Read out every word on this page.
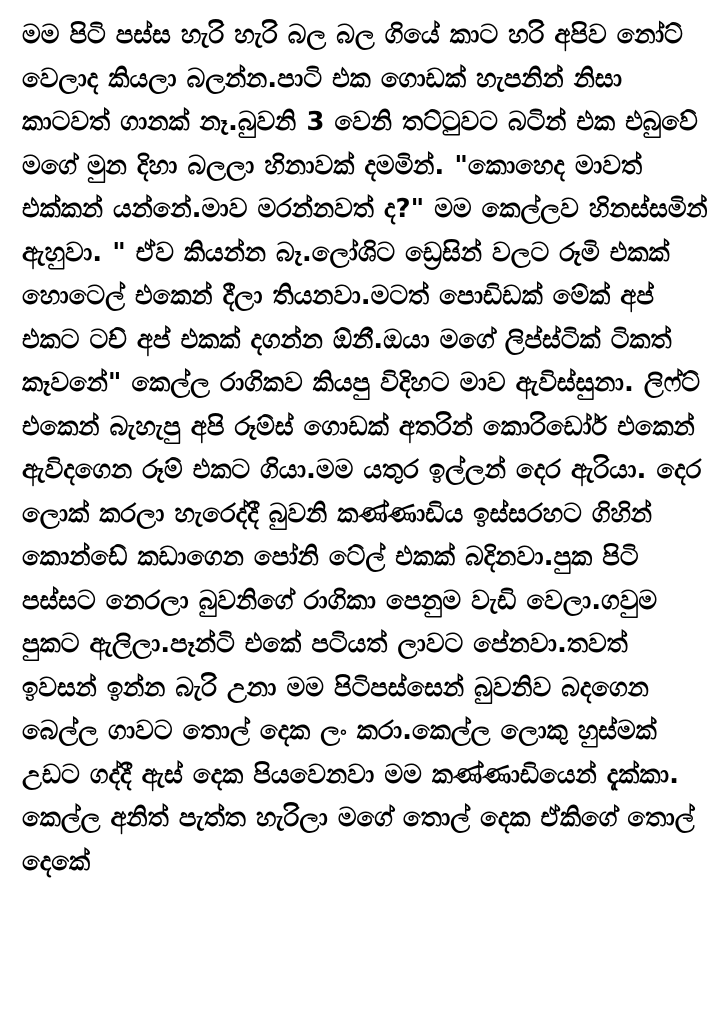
මම පිටි පස්ස හැරි හැරි බල බල ගියේ කාට හරි අපිව නෝට් වෙලාද කියලා බලන්න.පාටි එක ගොඩක් හැපනින් නිසා කාටවත් ගානක් නෑ.බුවනි 3 වෙනි තට්ටුවට බටින් එක එබුවේ මගේ මුන දිහා බලලා හිනාවක් දමමින්. "කොහෙද මාවත් එක්කන් යන්නේ.මාව මරන්නවත් ද?" මම කෙල්ලව හිනස්සමින් ඇහුවා. " ඒව කියන්න බෑ.ලෝශිට ඩ්‍රෙසින් වලට රූමි එකක් හොටෙල් එකෙන් දීලා තියනවා.මටත් පොඩිඩක් මේක් අප් එකට ටච් අප් එකක් දගන්න ඕනී.ඔයා මගේ ලිප්ස්ටික් ටිකත් කෑවනේ" කෙල්ල රාගිකව කියපු විදිහට මාව ඇවිස්සුනා. ලිෆ්ට් එකෙන් බැහැපු අපි රූම්ස් ගොඩක් අතරින් කොරිඩෝර් එකෙන් ඇවිදගෙන රූම් එකට ගියා.මම යතුර ඉල්ලන් දෙර ඇරියා. දෙර ලොක් කරලා හැරෙද්දී බුවනි කණ්ණාඩිය ඉස්සරහට ගිහින් කොන්ඩේ කඩාගෙන පෝනි ටේල් එකක් බදිනවා.පුක පිටි පස්සට නෙරලා බුවනිගේ රාගිකා පෙනුම වැඩි වෙලා.ගවුම පුකට ඇලිලා.පෑන්ටි එකේ පටියත් ලාවට පේනවා.තවත් ඉවසන් ඉන්න බැරි උනා මම පිටිපස්සෙන් බුවනිව බදගෙන බෙල්ල ගාවට තොල් දෙක ලං කරා.කෙල්ල ලොකු හුස්මක් උඩට ගද්දී ඇස් දෙක පියවෙනවා මම කණ්ණාඩියෙන් දැක්කා. කෙල්ල අනිත් පැත්ත හැරිලා මගේ තොල් දෙක ඒකිගේ තොල් දෙකේ
